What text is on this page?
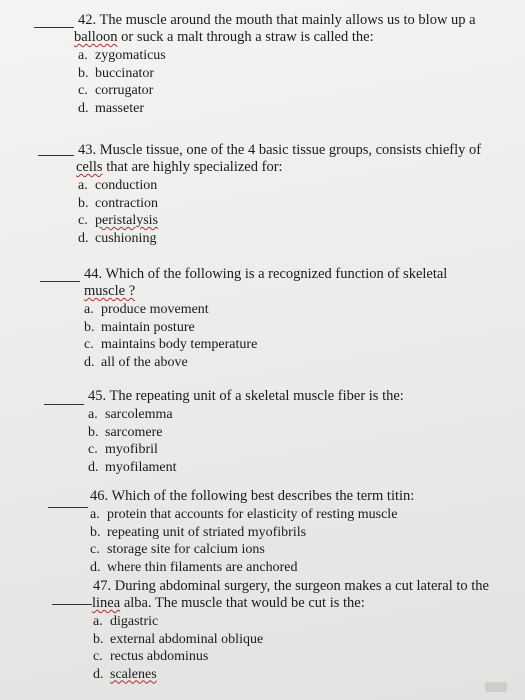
42. The muscle around the mouth that mainly allows us to blow up a
balloon or suck a malt through a straw is called the:

a. zygomaticus
b. buccinator
c. corrugator
d. masseter

43. Muscle tissue, one of the 4 basic tissue groups, consists chiefly of
cells that are highly specialized for:

a. conduction
b. contraction
c. peristalysis
d. cushioning

44. Which of the following is a recognized function of skeletal
muscle ?

a. produce movement
b. maintain posture
c. maintains body temperature
d. all of the above

45. The repeating unit of a skeletal muscle fiber is the:

a. sarcolemma
b. sarcomere
c. myofibril
d. myofilament

46. Which of the following best describes the term titin:

a. protein that accounts for elasticity of resting muscle
b. repeating unit of striated myofibrils
c. storage site for calcium ions
d. where thin filaments are anchored

47. During abdominal surgery, the surgeon makes a cut lateral to the
linea alba. The muscle that would be cut is the:

a. digastric
b. external abdominal oblique
c. rectus abdominus
d. scalenes
